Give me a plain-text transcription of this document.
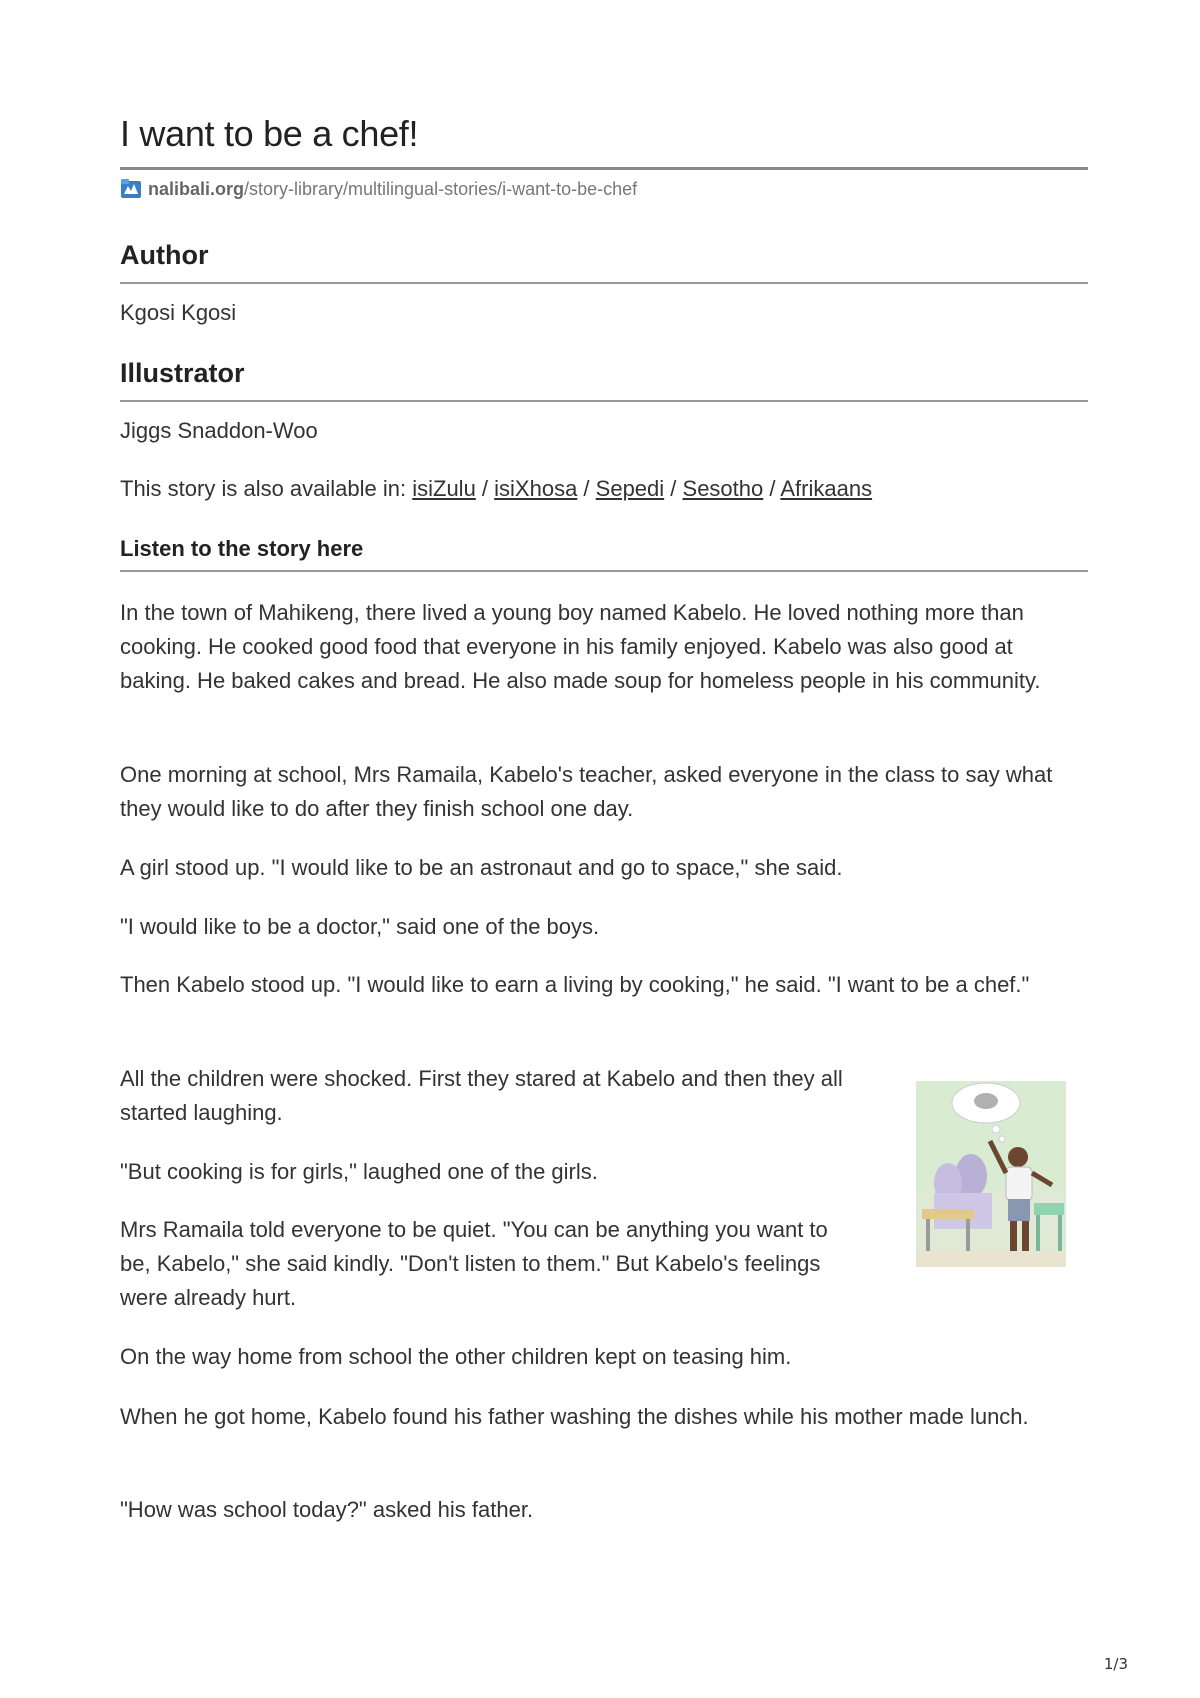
I want to be a chef!
nalibali.org /story-library/multilingual-stories/i-want-to-be-chef
Author

Kgosi Kgosi

Illustrator

Jiggs Snaddon-Woo

This story is also available in: isiZulu / isiXhosa / Sepedi / Sesotho / Afrikaans

Listen to the story here

In the town of Mahikeng, there lived a young boy named Kabelo. He loved nothing more than cooking. He cooked good food that everyone in his family enjoyed. Kabelo was also good at baking. He baked cakes and bread. He also made soup for homeless people in his community.

One morning at school, Mrs Ramaila, Kabelo's teacher, asked everyone in the class to say what they would like to do after they finish school one day.

A girl stood up. "I would like to be an astronaut and go to space," she said.

"I would like to be a doctor," said one of the boys.

Then Kabelo stood up. "I would like to earn a living by cooking," he said. "I want to be a chef."

All the children were shocked. First they stared at Kabelo and then they all started laughing.

"But cooking is for girls," laughed one of the girls.

Mrs Ramaila told everyone to be quiet. "You can be anything you want to be, Kabelo," she said kindly. "Don't listen to them." But Kabelo's feelings were already hurt.

On the way home from school the other children kept on teasing him.

When he got home, Kabelo found his father washing the dishes while his mother made lunch.

"How was school today?" asked his father.

1/3
